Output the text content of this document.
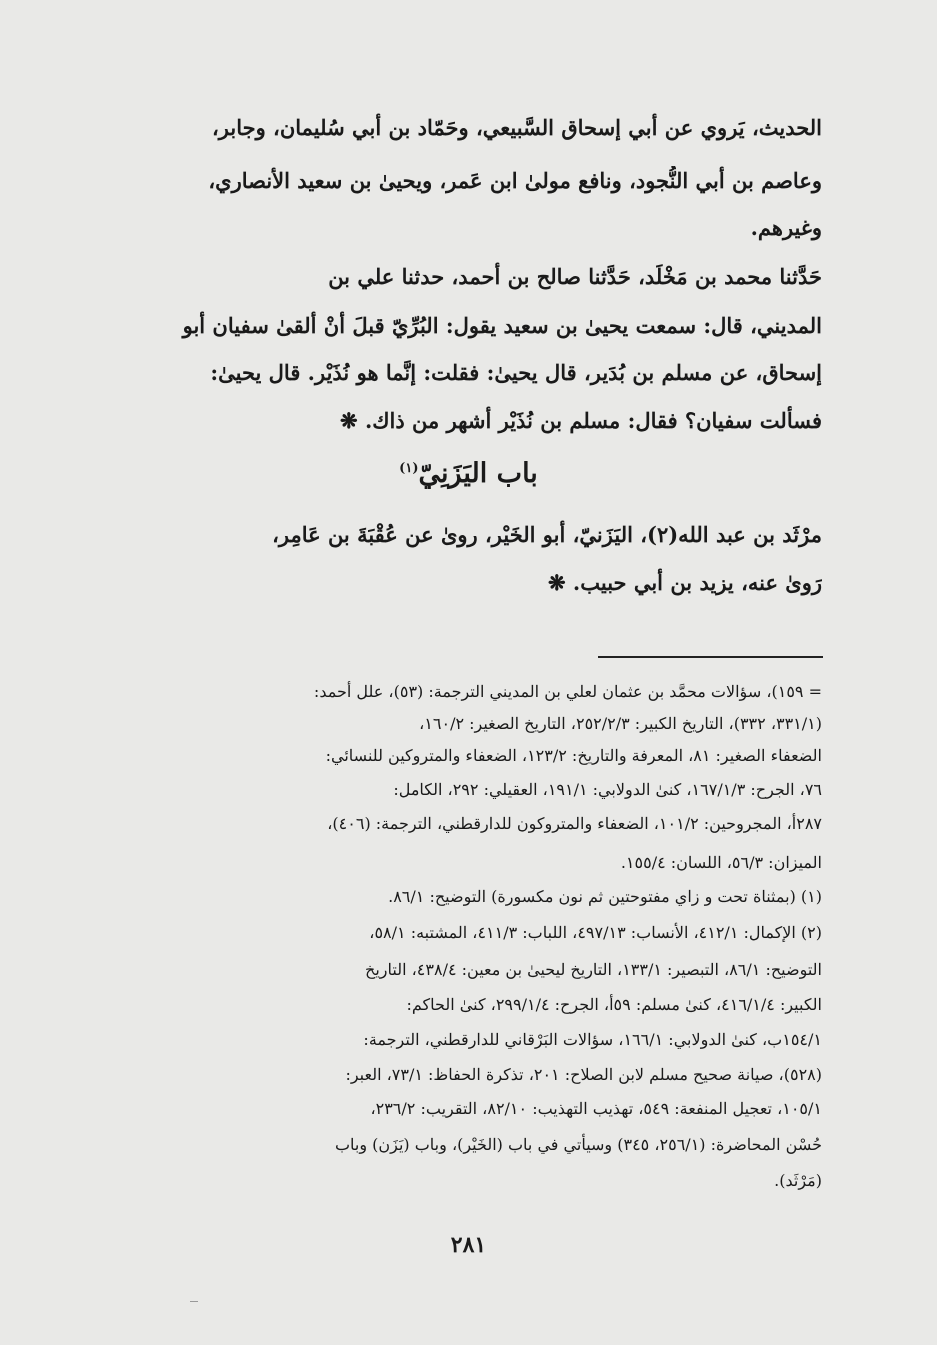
الحديث، يَروي عن أبي إسحاق السَّبيعي، وحَمّاد بن أبي سُليمان، وجابر،
وعاصم بن أبي النُّجود، ونافع مولىٰ ابن عَمر، ويحيىٰ بن سعيد الأنصاري،
وغيرهم.
حَدَّثنا محمد بن مَخْلَد، حَدَّثنا صالح بن أحمد، حدثنا علي بن
المديني، قال: سمعت يحيىٰ بن سعيد يقول: البُرِّيّ قبلَ أنْ ألقىٰ سفيان أبو
إسحاق، عن مسلم بن بُدَير، قال يحيىٰ: فقلت: إنَّما هو نُذَيْر. قال يحيىٰ:
فسألت سفيان؟ فقال: مسلم بن نُذَيْر أشهر من ذاك. ❋
باب اليَزَنِيّ$^{(١)}$
مرْثَد بن عبد الله(٢)، اليَزَنيّ، أبو الخَيْر، روىٰ عن عُقْبَةَ بن عَامِر،
رَوىٰ عنه، يزيد بن أبي حبيب. ❋
= ١٥٩)، سؤالات محمَّد بن عثمان لعلي بن المديني الترجمة: (٥٣)، علل أحمد:
(٣٣١/١، ٣٣٢)، التاريخ الكبير: ٢٥٢/٢/٣، التاريخ الصغير: ١٦٠/٢،
الضعفاء الصغير: ٨١، المعرفة والتاريخ: ١٢٣/٢، الضعفاء والمتروكين للنسائي:
٧٦، الجرح: ١٦٧/١/٣، كنىٰ الدولابي: ١٩١/١، العقيلي: ٢٩٢، الكامل:
٢٨٧أ، المجروحين: ١٠١/٢، الضعفاء والمتروكون للدارقطني، الترجمة: (٤٠٦)،
الميزان: ٥٦/٣، اللسان: ١٥٥/٤.
(١) (بمثناة تحت و زاي مفتوحتين ثم نون مكسورة) التوضيح: ٨٦/١.
(٢) الإكمال: ٤١٢/١، الأنساب: ٤٩٧/١٣، اللباب: ٤١١/٣، المشتبه: ٥٨/١،
التوضيح: ٨٦/١، التبصير: ١٣٣/١، التاريخ ليحيىٰ بن معين: ٤٣٨/٤، التاريخ
الكبير: ٤١٦/١/٤، كنىٰ مسلم: ٥٩أ، الجرح: ٢٩٩/١/٤، كنىٰ الحاكم:
١٥٤/١ب، كنىٰ الدولابي: ١٦٦/١، سؤالات البَرْقاني للدارقطني، الترجمة:
(٥٢٨)، صيانة صحيح مسلم لابن الصلاح: ٢٠١، تذكرة الحفاظ: ٧٣/١، العبر:
١٠٥/١، تعجيل المنفعة: ٥٤٩، تهذيب التهذيب: ٨٢/١٠، التقريب: ٢٣٦/٢،
حُسْن المحاضرة: (٢٥٦/١، ٣٤٥) وسيأتي في باب (الخَيْر)، وباب (يَزَن) وباب
(مَرْثَد).
٢٨١
